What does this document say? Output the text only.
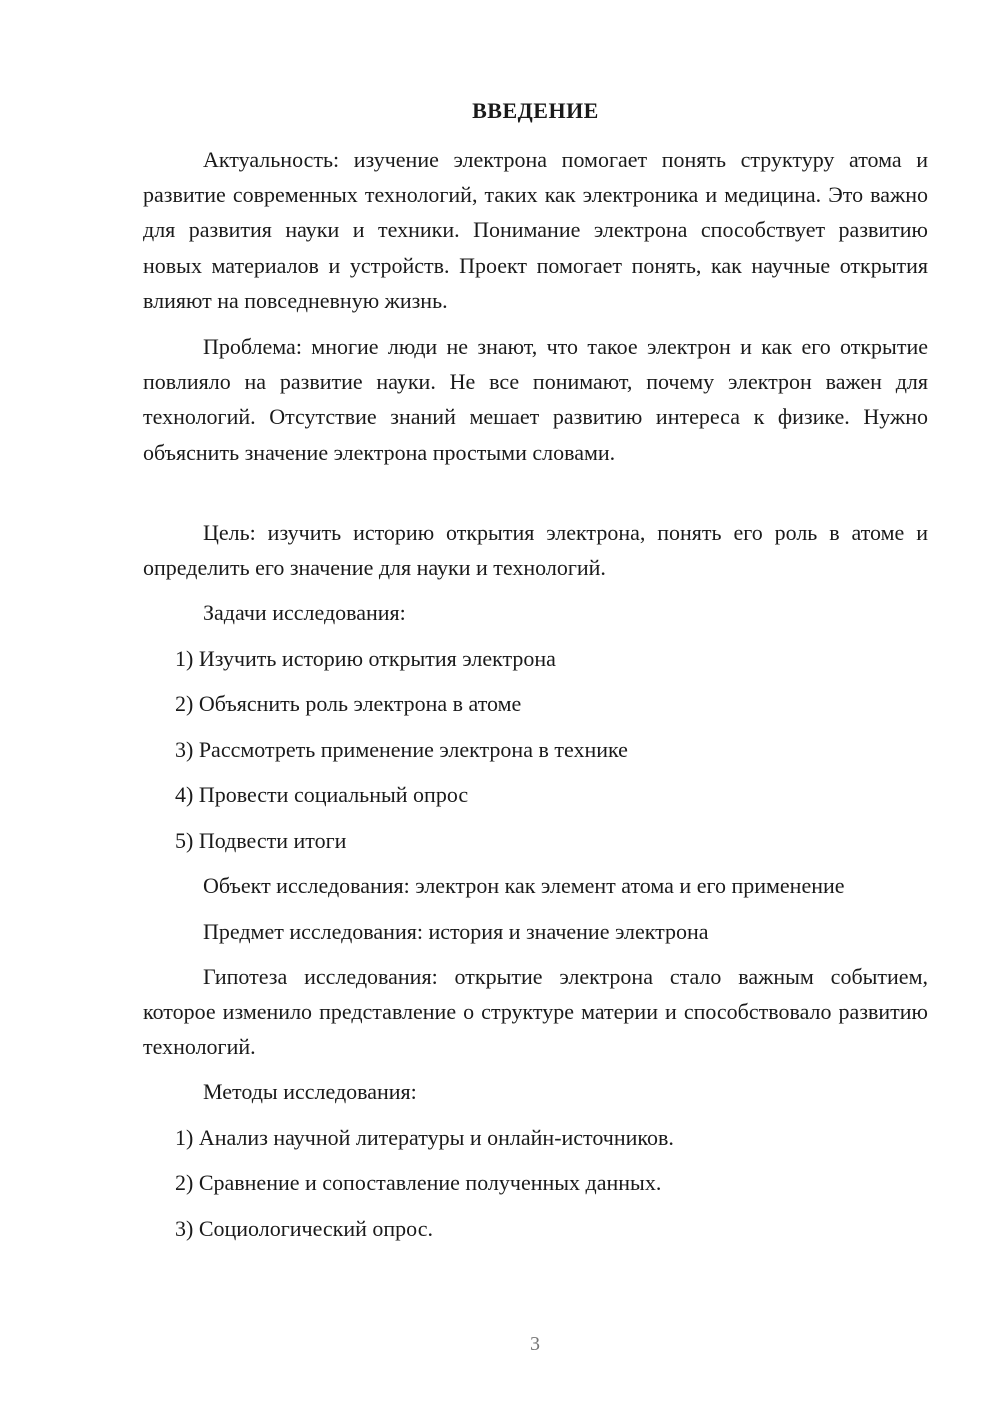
ВВЕДЕНИЕ

Актуальность: изучение электрона помогает понять структуру атома и развитие современных технологий, таких как электроника и медицина. Это важно для развития науки и техники. Понимание электрона способствует развитию новых материалов и устройств. Проект помогает понять, как научные открытия влияют на повседневную жизнь.

Проблема: многие люди не знают, что такое электрон и как его открытие повлияло на развитие науки. Не все понимают, почему электрон важен для технологий. Отсутствие знаний мешает развитию интереса к физике. Нужно объяснить значение электрона простыми словами.

Цель: изучить историю открытия электрона, понять его роль в атоме и определить его значение для науки и технологий.

Задачи исследования:

1) Изучить историю открытия электрона

2) Объяснить роль электрона в атоме

3) Рассмотреть применение электрона в технике

4) Провести социальный опрос

5) Подвести итоги

Объект исследования: электрон как элемент атома и его применение

Предмет исследования: история и значение электрона

Гипотеза исследования: открытие электрона стало важным событием, которое изменило представление о структуре материи и способствовало развитию технологий.

Методы исследования:

1) Анализ научной литературы и онлайн-источников.

2) Сравнение и сопоставление полученных данных.

3) Социологический опрос.

3
